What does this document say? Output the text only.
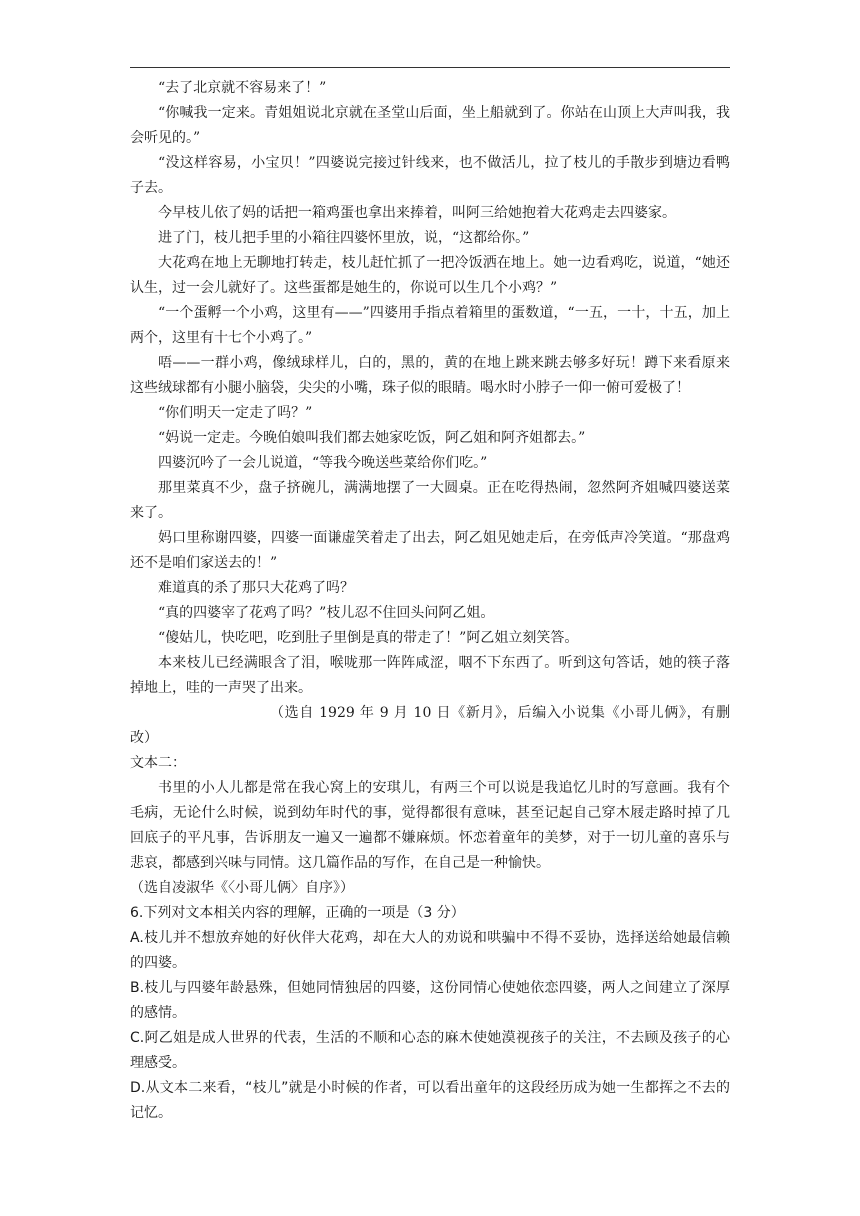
“去了北京就不容易来了！”

“你喊我一定来。青姐姐说北京就在圣堂山后面，坐上船就到了。你站在山顶上大声叫我，我会听见的。”

“没这样容易，小宝贝！”四婆说完接过针线来，也不做活儿，拉了枝儿的手散步到塘边看鸭子去。

今早枝儿依了妈的话把一箱鸡蛋也拿出来捧着，叫阿三给她抱着大花鸡走去四婆家。

进了门，枝儿把手里的小箱往四婆怀里放，说，“这都给你。”

大花鸡在地上无聊地打转走，枝儿赶忙抓了一把冷饭洒在地上。她一边看鸡吃，说道，“她还认生，过一会儿就好了。这些蛋都是她生的，你说可以生几个小鸡？”

“一个蛋孵一个小鸡，这里有——”四婆用手指点着箱里的蛋数道，“一五，一十，十五，加上两个，这里有十七个小鸡了。”

唔——一群小鸡，像绒球样儿，白的，黑的，黄的在地上跳来跳去够多好玩！蹲下来看原来这些绒球都有小腿小脑袋，尖尖的小嘴，珠子似的眼睛。喝水时小脖子一仰一俯可爱极了！

“你们明天一定走了吗？”

“妈说一定走。今晚伯娘叫我们都去她家吃饭，阿乙姐和阿齐姐都去。”

四婆沉吟了一会儿说道，“等我今晚送些菜给你们吃。”

那里菜真不少，盘子挤碗儿，满满地摆了一大圆桌。正在吃得热闹，忽然阿齐姐喊四婆送菜来了。

妈口里称谢四婆，四婆一面谦虚笑着走了出去，阿乙姐见她走后，在旁低声冷笑道。“那盘鸡还不是咱们家送去的！”

难道真的杀了那只大花鸡了吗？

“真的四婆宰了花鸡了吗？”枝儿忍不住回头问阿乙姐。

“傻姑儿，快吃吧，吃到肚子里倒是真的带走了！”阿乙姐立刻笑答。

本来枝儿已经满眼含了泪，喉咙那一阵阵咸涩，咽不下东西了。听到这句答话，她的筷子落掉地上，哇的一声哭了出来。

（选自 1929 年 9 月 10 日《新月》，后编入小说集《小哥儿俩》，有删改）

文本二：

书里的小人儿都是常在我心窝上的安琪儿，有两三个可以说是我追忆儿时的写意画。我有个毛病，无论什么时候，说到幼年时代的事，觉得都很有意味，甚至记起自己穿木屐走路时掉了几回底子的平凡事，告诉朋友一遍又一遍都不嫌麻烦。怀恋着童年的美梦，对于一切儿童的喜乐与悲哀，都感到兴味与同情。这几篇作品的写作，在自己是一种愉快。

（选自凌淑华《〈小哥儿俩〉自序》）

6.下列对文本相关内容的理解，正确的一项是（3 分）

A.枝儿并不想放弃她的好伙伴大花鸡，却在大人的劝说和哄骗中不得不妥协，选择送给她最信赖的四婆。

B.枝儿与四婆年龄悬殊，但她同情独居的四婆，这份同情心使她依恋四婆，两人之间建立了深厚的感情。

C.阿乙姐是成人世界的代表，生活的不顺和心态的麻木使她漠视孩子的关注，不去顾及孩子的心理感受。

D.从文本二来看，“枝儿”就是小时候的作者，可以看出童年的这段经历成为她一生都挥之不去的记忆。
